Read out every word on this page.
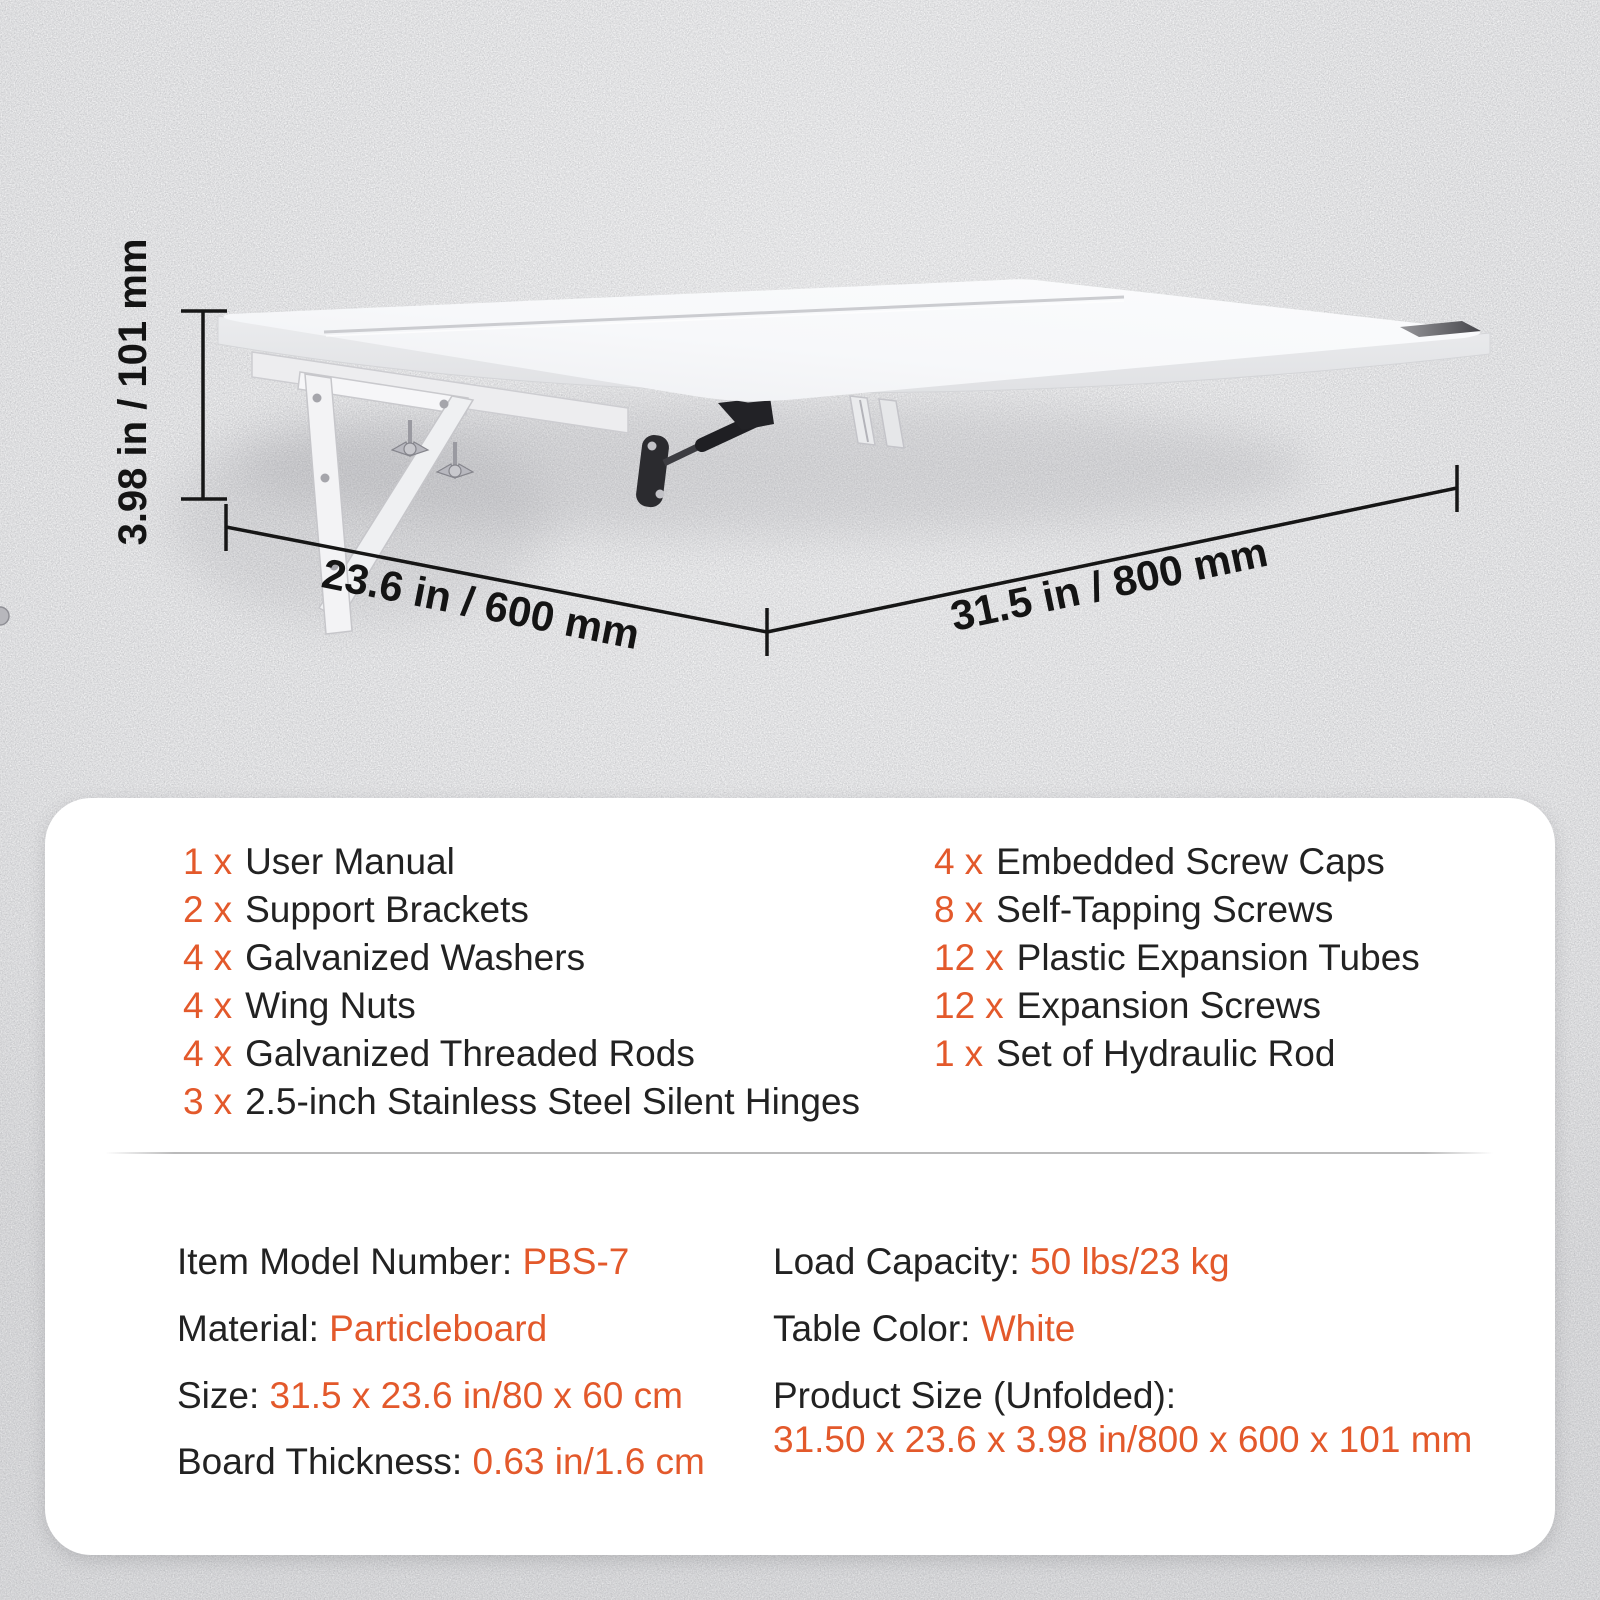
3.98 in / 101 mm
23.6 in / 600 mm	31.5 in / 800 mm
1 x User Manual
2 x Support Brackets
4 x Galvanized Washers
4 x Wing Nuts
4 x Galvanized Threaded Rods
3 x 2.5-inch Stainless Steel Silent Hinges
4 x Embedded Screw Caps
8 x Self-Tapping Screws
12 x Plastic Expansion Tubes
12 x Expansion Screws
1 x Set of Hydraulic Rod
Item Model Number: PBS-7
Material: Particleboard
Size: 31.5 x 23.6 in/80 x 60 cm
Board Thickness: 0.63 in/1.6 cm
Load Capacity: 50 lbs/23 kg
Table Color: White
Product Size (Unfolded):
31.50 x 23.6 x 3.98 in/800 x 600 x 101 mm
